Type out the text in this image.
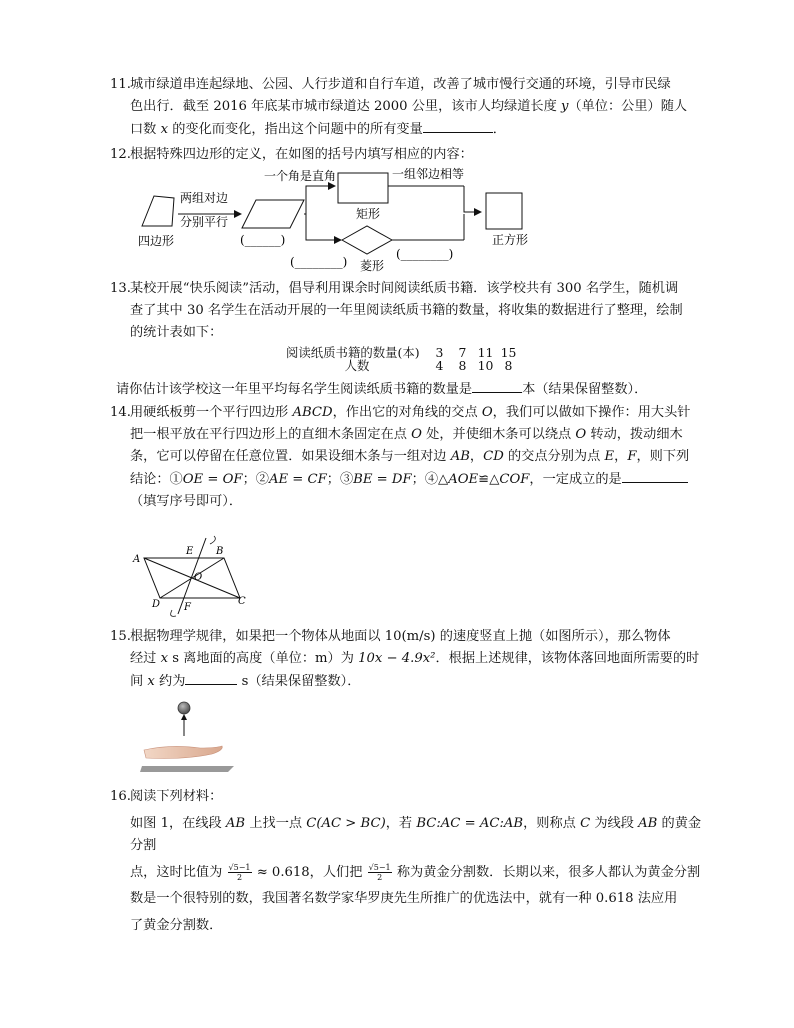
11. 城市绿道串连起绿地、公园、人行步道和自行车道，改善了城市慢行交通的环境，引导市民绿
色出行．截至 2016 年底某市城市绿道达 2000 公里，该市人均绿道长度 y（单位：公里）随人
口数 x 的变化而变化，指出这个问题中的所有变量	．
12. 根据特殊四边形的定义，在如图的括号内填写相应的内容：
四边形
两组对边
分别平行
(______)
一个角是直角
矩形
一组邻边相等
菱形
(________)
(________)
正方形
13. 某校开展“快乐阅读”活动，倡导利用课余时间阅读纸质书籍．该学校共有 300 名学生，随机调
查了其中 30 名学生在活动开展的一年里阅读纸质书籍的数量，将收集的数据进行了整理，绘制
的统计表如下：
阅读纸质书籍的数量(本)	3	7 11 15
人数	4	8 10 8
请你估计该学校这一年里平均每名学生阅读纸质书籍的数量是	本（结果保留整数）．
14. 用硬纸板剪一个平行四边形 ABCD，作出它的对角线的交点 O，我们可以做如下操作：用大头针
把一根平放在平行四边形上的直细木条固定在点 O 处，并使细木条可以绕点 O 转动，拨动细木
条，它可以停留在任意位置．如果设细木条与一组对边 AB，CD 的交点分别为点 E，F，则下列
结论：①OE = OF；②AE = CF；③BE = DF；④△AOE≌△COF，一定成立的是
（填写序号即可）．
A
B
C
D
E
F
O
15. 根据物理学规律，如果把一个物体从地面以 10(m/s) 的速度竖直上抛（如图所示），那么物体
经过 x s 离地面的高度（单位：m）为 10x − 4.9x²．根据上述规律，该物体落回地面所需要的时
间 x 约为	s（结果保留整数）．
16. 阅读下列材料：
如图 1，在线段 AB 上找一点 C(AC > BC)，若 BC:AC = AC:AB，则称点 C 为线段 AB 的黄金分割
点，这时比值为 $\frac{√5-1}{2} \approx 0.618$，人们把 $\frac{√5-1}{2}$ 称为黄金分割数．长期以来，很多人都认为黄金分割
数是一个很特别的数，我国著名数学家华罗庚先生所推广的优选法中，就有一种 0.618 法应用
了黄金分割数．
